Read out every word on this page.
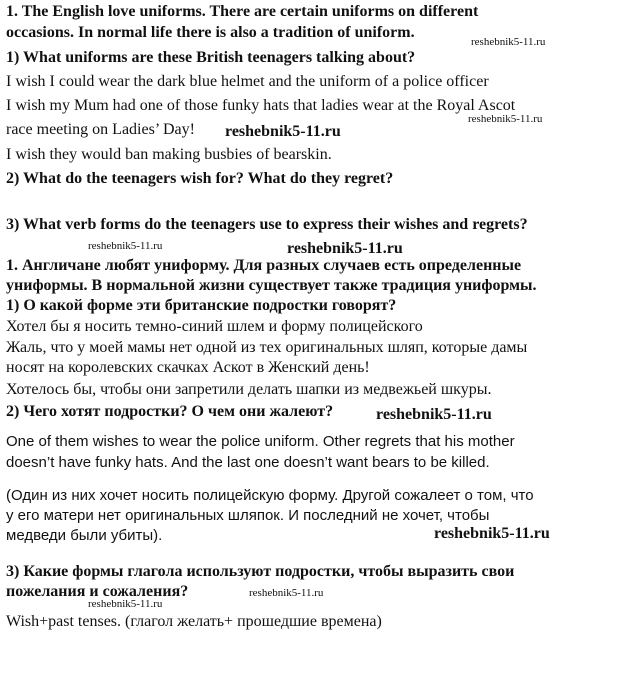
1. The English love uniforms. There are certain uniforms on different
occasions. In normal life there is also a tradition of uniform.
1) What uniforms are these British teenagers talking about?
I wish I could wear the dark blue helmet and the uniform of a police officer
I wish my Mum had one of those funky hats that ladies wear at the Royal Ascot
race meeting on Ladies’ Day!
I wish they would ban making busbies of bearskin.
2) What do the teenagers wish for? What do they regret?
3) What verb forms do the teenagers use to express their wishes and regrets?
1. Англичане любят униформу. Для разных случаев есть определенные
униформы. В нормальной жизни существует также традиция униформы.
1) О какой форме эти британские подростки говорят?
Хотел бы я носить темно-синий шлем и форму полицейского
Жаль, что у моей мамы нет одной из тех оригинальных шляп, которые дамы
носят на королевских скачках Аскот в Женский день!
Хотелось бы, чтобы они запретили делать шапки из медвежьей шкуры.
2) Чего хотят подростки? О чем они жалеют?
One of them wishes to wear the police uniform. Other regrets that his mother
doesn’t have funky hats. And the last one doesn’t want bears to be killed.
(Один из них хочет носить полицейскую форму. Другой сожалеет о том, что
у его матери нет оригинальных шляпок. И последний не хочет, чтобы
медведи были убиты).
3) Какие формы глагола используют подростки, чтобы выразить свои
пожелания и сожаления?
Wish+past tenses. (глагол желать+ прошедшие времена)
reshebnik5-11.ru
reshebnik5-11.ru
reshebnik5-11.ru
reshebnik5-11.ru	reshebnik5-11.ru
reshebnik5-11.ru
reshebnik5-11.ru
reshebnik5-11.ru
reshebnik5-11.ru
